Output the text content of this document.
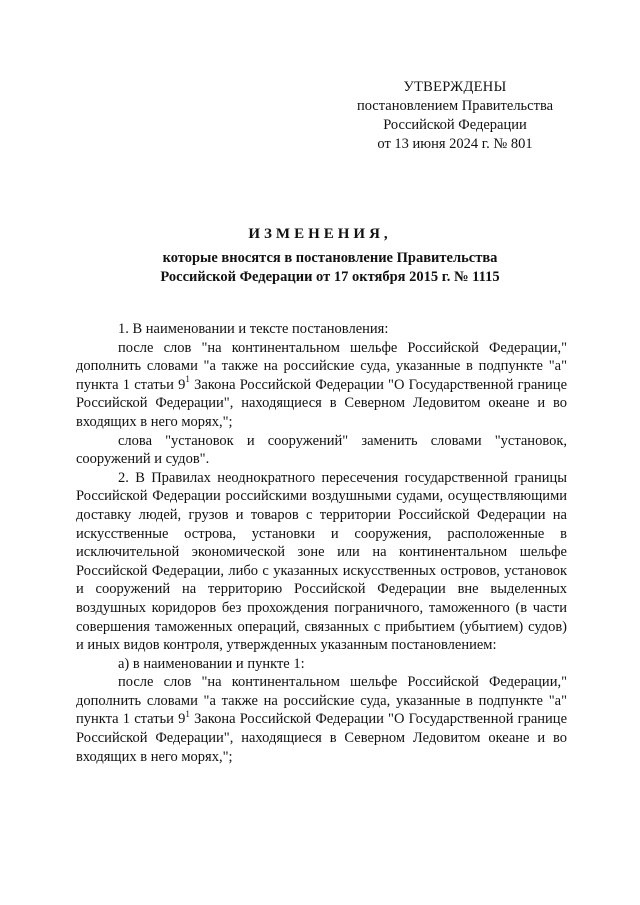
УТВЕРЖДЕНЫ
постановлением Правительства
Российской Федерации
от 13 июня 2024 г. № 801
ИЗМЕНЕНИЯ,
которые вносятся в постановление Правительства
Российской Федерации от 17 октября 2015 г. № 1115

1. В наименовании и тексте постановления:

после слов "на континентальном шельфе Российской Федерации," дополнить словами "а также на российские суда, указанные в подпункте "а" пункта 1 статьи $9^1$ Закона Российской Федерации "О Государственной границе Российской Федерации", находящиеся в Северном Ледовитом океане и во входящих в него морях,";

слова "установок и сооружений" заменить словами "установок, сооружений и судов".

2. В Правилах неоднократного пересечения государственной границы Российской Федерации российскими воздушными судами, осуществляющими доставку людей, грузов и товаров с территории Российской Федерации на искусственные острова, установки и сооружения, расположенные в исключительной экономической зоне или на континентальном шельфе Российской Федерации, либо с указанных искусственных островов, установок и сооружений на территорию Российской Федерации вне выделенных воздушных коридоров без прохождения пограничного, таможенного (в части совершения таможенных операций, связанных с прибытием (убытием) судов) и иных видов контроля, утвержденных указанным постановлением:

а) в наименовании и пункте 1:

после слов "на континентальном шельфе Российской Федерации," дополнить словами "а также на российские суда, указанные в подпункте "а" пункта 1 статьи $9^1$ Закона Российской Федерации "О Государственной границе Российской Федерации", находящиеся в Северном Ледовитом океане и во входящих в него морях,";
